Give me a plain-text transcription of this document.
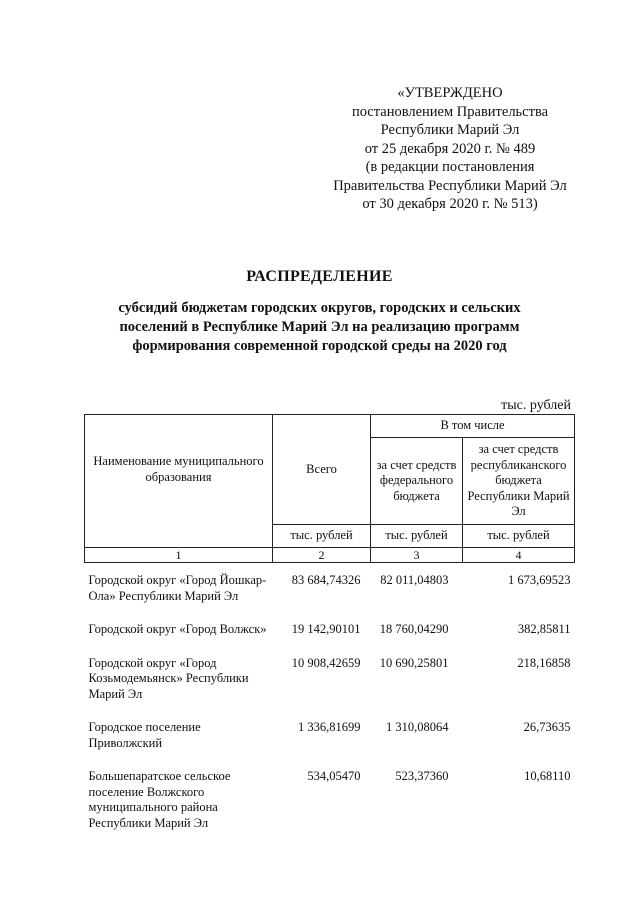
«УТВЕРЖДЕНО
постановлением Правительства
Республики Марий Эл
от 25 декабря 2020 г. № 489
(в редакции постановления
Правительства Республики Марий Эл
от 30 декабря 2020 г. № 513)
РАСПРЕДЕЛЕНИЕ
субсидий бюджетам городских округов, городских и сельских
поселений в Республике Марий Эл на реализацию программ
формирования современной городской среды на 2020 год
тыс. рублей
Наименование муниципального образования	Всего	В том числе	
		за счет средств федерального бюджета	за счет средств республиканского бюджета Республики Марий Эл
	тыс. рублей	тыс. рублей	тыс. рублей
1	2	3	4
Городской округ «Город Йошкар-Ола» Республики Марий Эл	83 684,74326	82 011,04803	1 673,69523
Городской округ «Город Волжск»	19 142,90101	18 760,04290	382,85811
Городской округ «Город Козьмодемьянск» Республики Марий Эл	10 908,42659	10 690,25801	218,16858
Городское поселение Приволжский	1 336,81699	1 310,08064	26,73635
Большепаратское сельское поселение Волжского муниципального района Республики Марий Эл	534,05470	523,37360	10,68110
